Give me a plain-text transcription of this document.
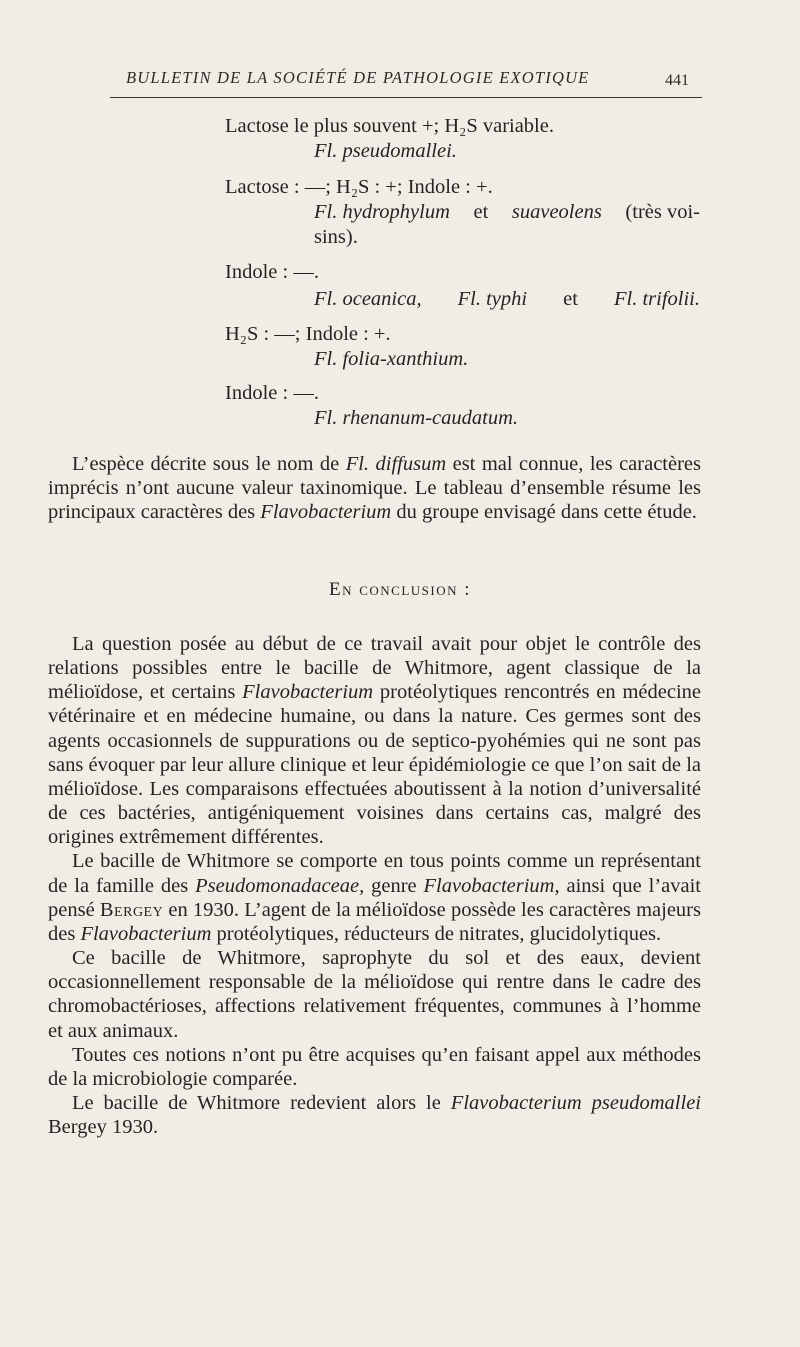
BULLETIN DE LA SOCIÉTÉ DE PATHOLOGIE EXOTIQUE	441
Lactose le plus souvent +; H₂S variable.
Fl. pseudomallei.
Lactose : —; H₂S : +; Indole : +.
Fl. hydrophylum et suaveolens (très voi-
sins).
Indole : —.
Fl. oceanica, Fl. typhi et Fl. trifolii.
H₂S : —; Indole : +.
Fl. folia-xanthium.
Indole : —.
Fl. rhenanum-caudatum.

L’espèce décrite sous le nom de Fl. diffusum est mal connue, les caractères imprécis n’ont aucune valeur taxinomique. Le tableau d’ensemble résume les principaux caractères des Flavobacterium du groupe envisagé dans cette étude.

En conclusion :

La question posée au début de ce travail avait pour objet le contrôle des relations possibles entre le bacille de Whitmore, agent classique de la mélioïdose, et certains Flavobacterium protéolytiques rencontrés en médecine vétérinaire et en médecine humaine, ou dans la nature. Ces germes sont des agents occasionnels de suppurations ou de septico-pyohémies qui ne sont pas sans évoquer par leur allure clinique et leur épidémiologie ce que l’on sait de la mélioïdose. Les comparaisons effectuées aboutissent à la notion d’universalité de ces bactéries, antigéniquement voisines dans certains cas, malgré des origines extrêmement différentes.

Le bacille de Whitmore se comporte en tous points comme un représentant de la famille des Pseudomonadaceae, genre Flavobacterium, ainsi que l’avait pensé Bergey en 1930. L’agent de la mélioïdose possède les caractères majeurs des Flavobacterium protéolytiques, réducteurs de nitrates, glucidolytiques.

Ce bacille de Whitmore, saprophyte du sol et des eaux, devient occasionnellement responsable de la mélioïdose qui rentre dans le cadre des chromobactérioses, affections relativement fréquentes, communes à l’homme et aux animaux.

Toutes ces notions n’ont pu être acquises qu’en faisant appel aux méthodes de la microbiologie comparée.

Le bacille de Whitmore redevient alors le Flavobacterium pseudomallei Bergey 1930.
